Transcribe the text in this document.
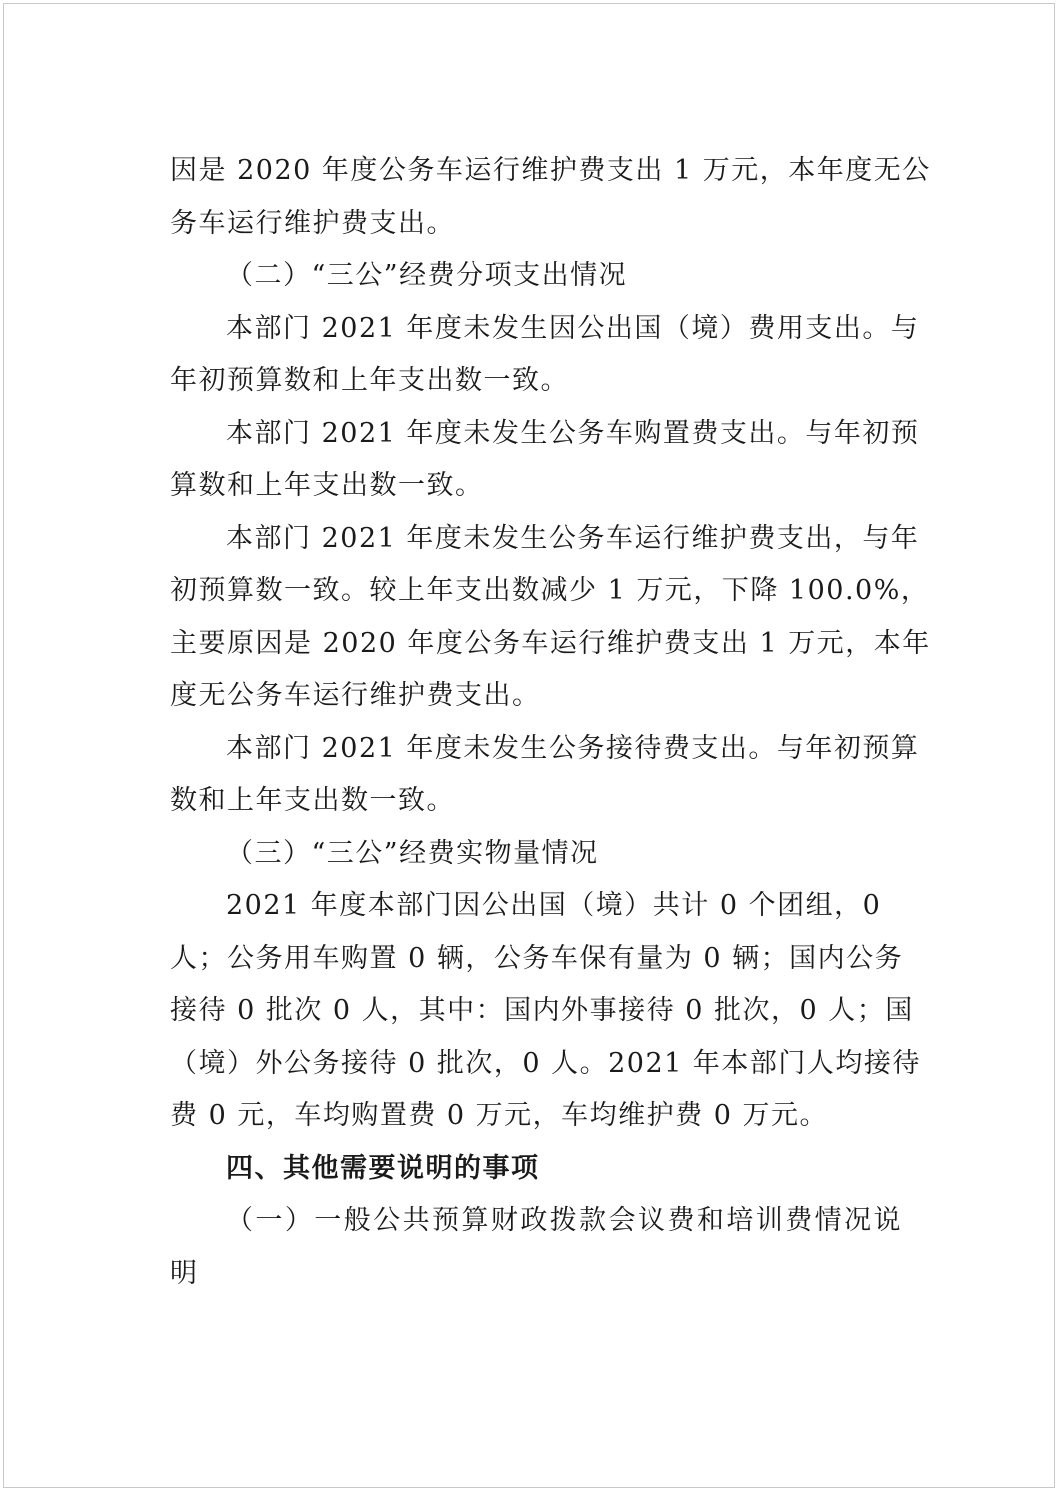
因是 2020 年度公务车运行维护费支出 1 万元，本年度无公
务车运行维护费支出。
（二）“三公”经费分项支出情况
本部门 2021 年度未发生因公出国（境）费用支出。与
年初预算数和上年支出数一致。
本部门 2021 年度未发生公务车购置费支出。与年初预
算数和上年支出数一致。
本部门 2021 年度未发生公务车运行维护费支出，与年
初预算数一致。较上年支出数减少 1 万元，下降 100.0%，
主要原因是 2020 年度公务车运行维护费支出 1 万元，本年
度无公务车运行维护费支出。
本部门 2021 年度未发生公务接待费支出。与年初预算
数和上年支出数一致。
（三）“三公”经费实物量情况
2021 年度本部门因公出国（境）共计 0 个团组，0
人；公务用车购置 0 辆，公务车保有量为 0 辆；国内公务
接待 0 批次 0 人，其中：国内外事接待 0 批次，0 人；国
（境）外公务接待 0 批次，0 人。2021 年本部门人均接待
费 0 元，车均购置费 0 万元，车均维护费 0 万元。
四、其他需要说明的事项
（一）一般公共预算财政拨款会议费和培训费情况说
明
